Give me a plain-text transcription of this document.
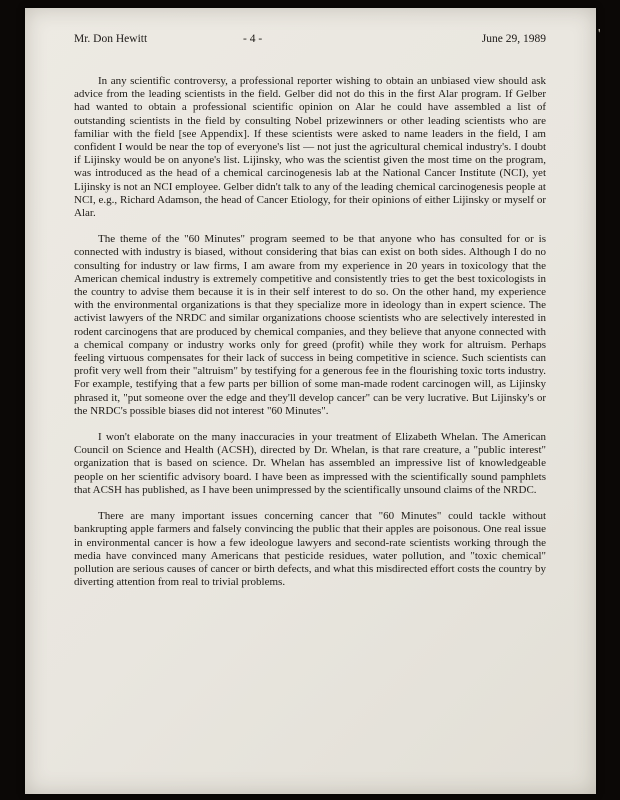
Mr. Don Hewitt	- 4 -	June 29, 1989

In any scientific controversy, a professional reporter wishing to obtain an unbiased view should ask advice from the leading scientists in the field. Gelber did not do this in the first Alar program. If Gelber had wanted to obtain a professional scientific opinion on Alar he could have assembled a list of outstanding scientists in the field by consulting Nobel prizewinners or other leading scientists who are familiar with the field [see Appendix]. If these scientists were asked to name leaders in the field, I am confident I would be near the top of everyone's list — not just the agricultural chemical industry's. I doubt if Lijinsky would be on anyone's list. Lijinsky, who was the scientist given the most time on the program, was introduced as the head of a chemical carcinogenesis lab at the National Cancer Institute (NCI), yet Lijinsky is not an NCI employee. Gelber didn't talk to any of the leading chemical carcinogenesis people at NCI, e.g., Richard Adamson, the head of Cancer Etiology, for their opinions of either Lijinsky or myself or Alar.

The theme of the "60 Minutes" program seemed to be that anyone who has consulted for or is connected with industry is biased, without considering that bias can exist on both sides. Although I do no consulting for industry or law firms, I am aware from my experience in 20 years in toxicology that the American chemical industry is extremely competitive and consistently tries to get the best toxicologists in the country to advise them because it is in their self interest to do so. On the other hand, my experience with the environmental organizations is that they specialize more in ideology than in expert science. The activist lawyers of the NRDC and similar organizations choose scientists who are selectively interested in rodent carcinogens that are produced by chemical companies, and they believe that anyone connected with a chemical company or industry works only for greed (profit) while they work for altruism. Perhaps feeling virtuous compensates for their lack of success in being competitive in science. Such scientists can profit very well from their "altruism" by testifying for a generous fee in the flourishing toxic torts industry. For example, testifying that a few parts per billion of some man-made rodent carcinogen will, as Lijinsky phrased it, "put someone over the edge and they'll develop cancer" can be very lucrative. But Lijinsky's or the NRDC's possible biases did not interest "60 Minutes".

I won't elaborate on the many inaccuracies in your treatment of Elizabeth Whelan. The American Council on Science and Health (ACSH), directed by Dr. Whelan, is that rare creature, a "public interest" organization that is based on science. Dr. Whelan has assembled an impressive list of knowledgeable people on her scientific advisory board. I have been as impressed with the scientifically sound pamphlets that ACSH has published, as I have been unimpressed by the scientifically unsound claims of the NRDC.

There are many important issues concerning cancer that "60 Minutes" could tackle without bankrupting apple farmers and falsely convincing the public that their apples are poisonous. One real issue in environmental cancer is how a few ideologue lawyers and second-rate scientists working through the media have convinced many Americans that pesticide residues, water pollution, and "toxic chemical" pollution are serious causes of cancer or birth defects, and what this misdirected effort costs the country by diverting attention from real to trivial problems.

'
